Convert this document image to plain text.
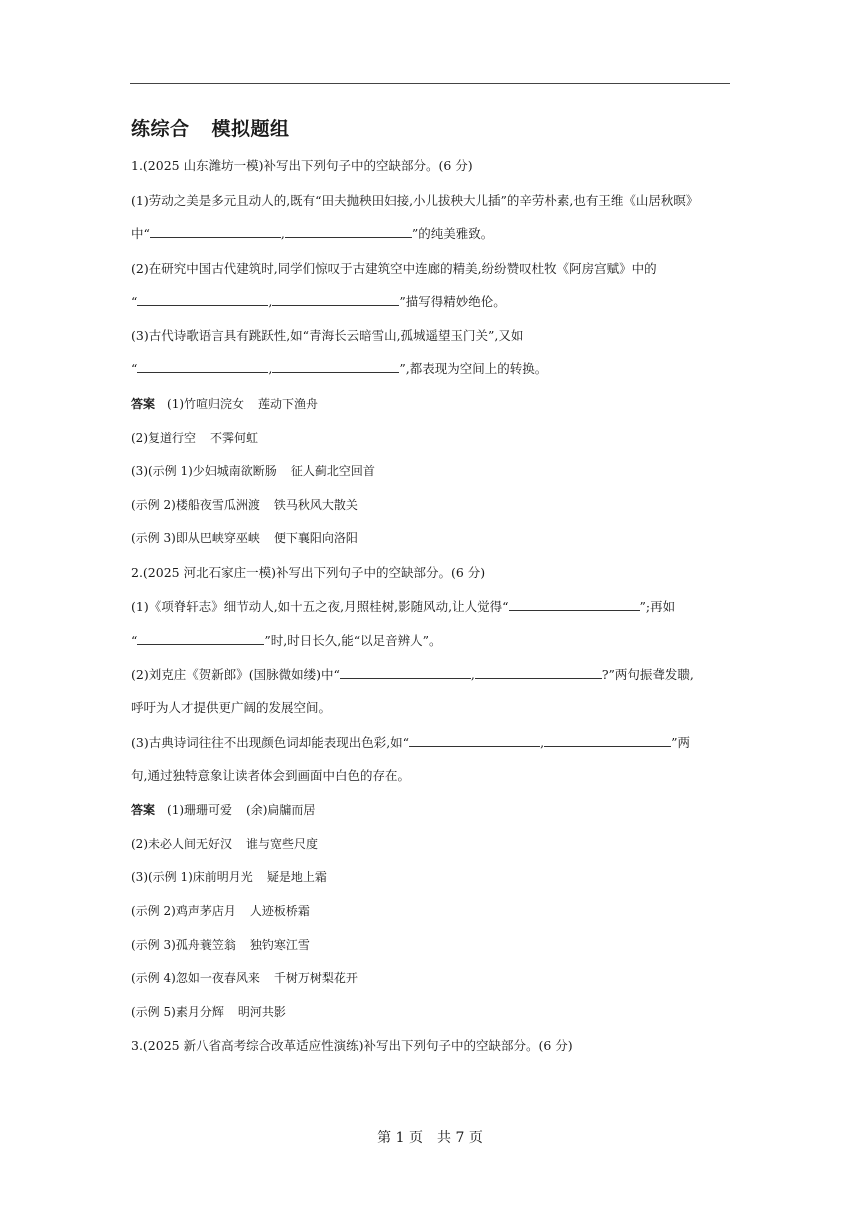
练综合 模拟题组
1.(2025 山东潍坊一模)补写出下列句子中的空缺部分。(6 分)
(1)劳动之美是多元且动人的,既有“田夫抛秧田妇接,小儿拔秧大儿插”的辛劳朴素,也有王维《山居秋暝》
中“	,	”的纯美雅致。
(2)在研究中国古代建筑时,同学们惊叹于古建筑空中连廊的精美,纷纷赞叹杜牧《阿房宫赋》中的
“	,	”描写得精妙绝伦。
(3)古代诗歌语言具有跳跃性,如“青海长云暗雪山,孤城遥望玉门关”,又如
“	,	”,都表现为空间上的转换。
答案 (1)竹喧归浣女 莲动下渔舟
(2)复道行空 不霁何虹
(3)(示例 1)少妇城南欲断肠 征人蓟北空回首
(示例 2)楼船夜雪瓜洲渡 铁马秋风大散关
(示例 3)即从巴峡穿巫峡 便下襄阳向洛阳
2.(2025 河北石家庄一模)补写出下列句子中的空缺部分。(6 分)
(1)《项脊轩志》细节动人,如十五之夜,月照桂树,影随风动,让人觉得“	”;再如
“	”时,时日长久,能“以足音辨人”。
(2)刘克庄《贺新郎》(国脉微如缕)中“	,	?”两句振聋发聩,
呼吁为人才提供更广阔的发展空间。
(3)古典诗词往往不出现颜色词却能表现出色彩,如“	,	”两
句,通过独特意象让读者体会到画面中白色的存在。
答案 (1)珊珊可爱 (余)扃牖而居
(2)未必人间无好汉 谁与宽些尺度
(3)(示例 1)床前明月光 疑是地上霜
(示例 2)鸡声茅店月 人迹板桥霜
(示例 3)孤舟蓑笠翁 独钓寒江雪
(示例 4)忽如一夜春风来 千树万树梨花开
(示例 5)素月分辉 明河共影
3.(2025 新八省高考综合改革适应性演练)补写出下列句子中的空缺部分。(6 分)
第 1 页 共 7 页
